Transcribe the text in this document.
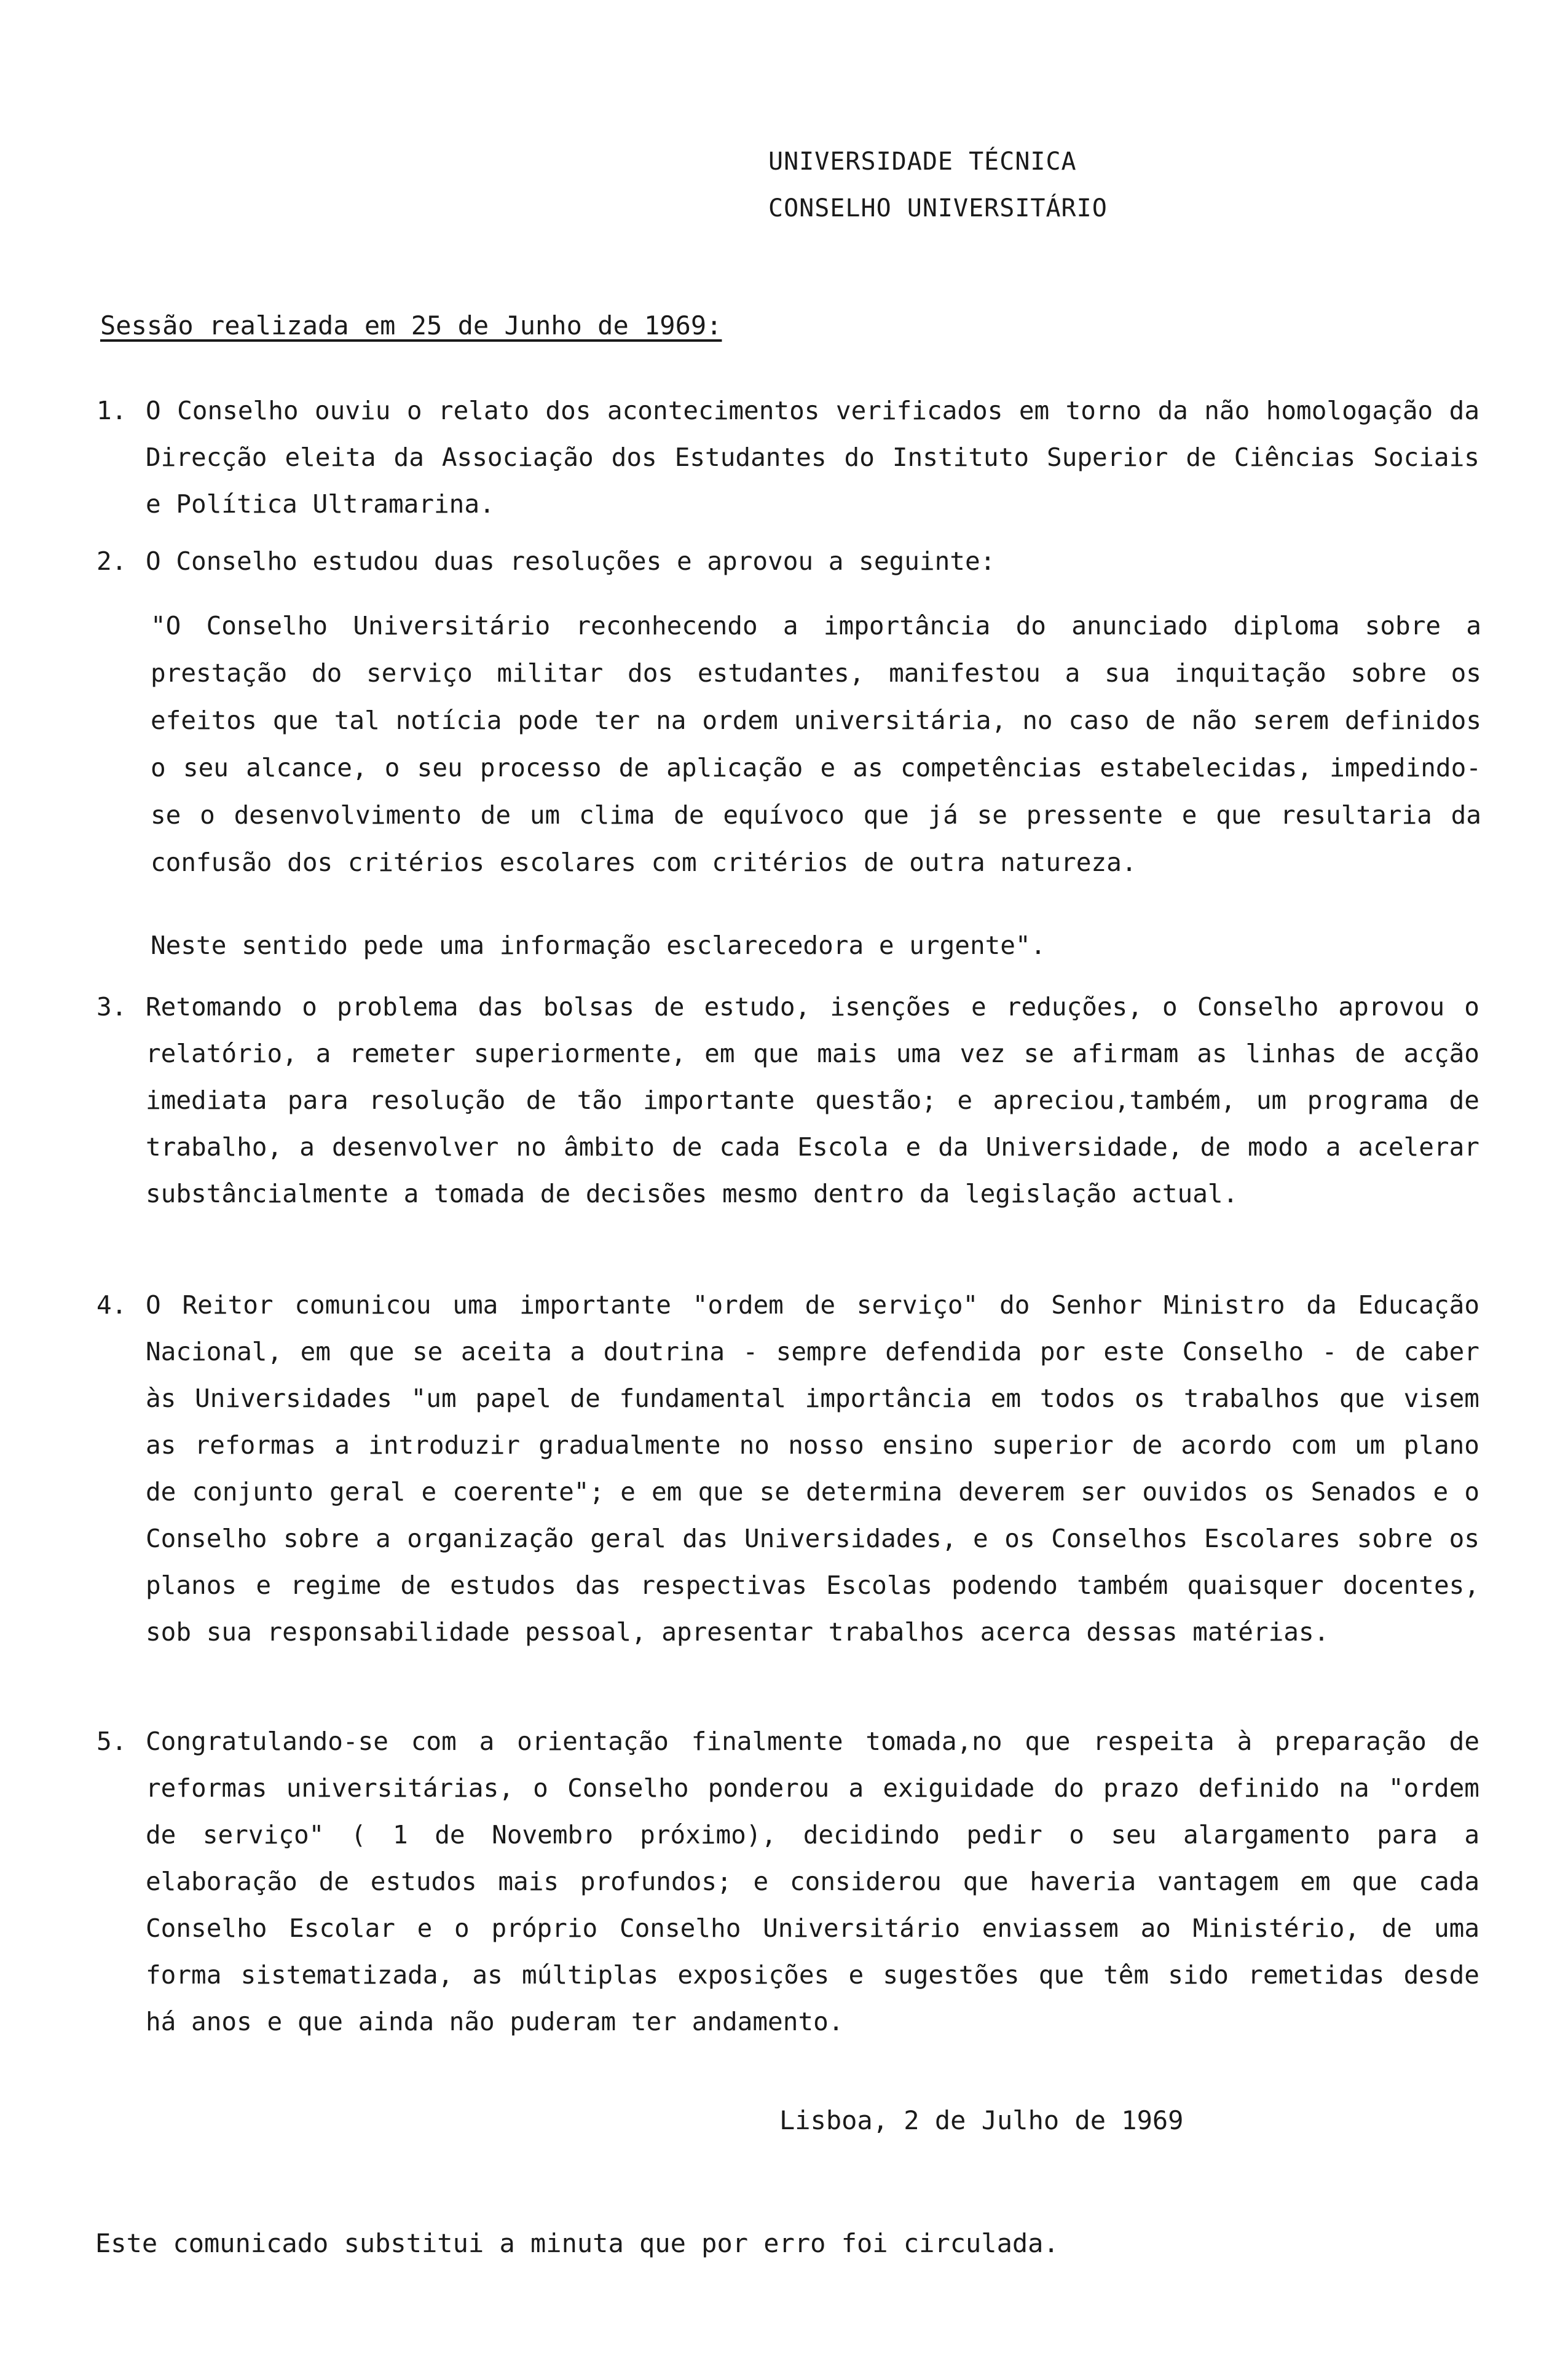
UNIVERSIDADE TÉCNICA
CONSELHO UNIVERSITÁRIO
Sessão realizada em 25 de Junho de 1969:
1. O Conselho ouviu o relato dos acontecimentos verificados em torno da não homologação da Direcção eleita da Associação dos Estudantes do Instituto Superior de Ciências Sociais e Política Ultramarina.
2. O Conselho estudou duas resoluções e aprovou a seguinte:
"O Conselho Universitário reconhecendo a importância do anunciado diploma sobre a prestação do serviço militar dos estudantes, manifestou a sua inquitação sobre os efeitos que tal notícia pode ter na ordem universitária, no caso de não serem definidos o seu alcance, o seu processo de aplicação e as competências estabelecidas, impedindo-se o desenvolvimento de um clima de equívoco que já se pressente e que resultaria da confusão dos critérios escolares com critérios de outra natureza.
Neste sentido pede uma informação esclarecedora e urgente".
3. Retomando o problema das bolsas de estudo, isenções e reduções, o Conselho aprovou o relatório, a remeter superiormente, em que mais uma vez se afirmam as linhas de acção imediata para resolução de tão importante questão; e apreciou,também, um programa de trabalho, a desenvolver no âmbito de cada Escola e da Universidade, de modo a acelerar substâncialmente a tomada de decisões mesmo dentro da legislação actual.
4. O Reitor comunicou uma importante "ordem de serviço" do Senhor Ministro da Educação Nacional, em que se aceita a doutrina - sempre defendida por este Conselho - de caber às Universidades "um papel de fundamental importância em todos os trabalhos que visem as reformas a introduzir gradualmente no nosso ensino superior de acordo com um plano de conjunto geral e coerente"; e em que se determina deverem ser ouvidos os Senados e o Conselho sobre a organização geral das Universidades, e os Conselhos Escolares sobre os planos e regime de estudos das respectivas Escolas podendo também quaisquer docentes, sob sua responsabilidade pessoal, apresentar trabalhos acerca dessas matérias.
5. Congratulando-se com a orientação finalmente tomada,no que respeita à preparação de reformas universitárias, o Conselho ponderou a exiguidade do prazo definido na "ordem de serviço" ( 1 de Novembro próximo), decidindo pedir o seu alargamento para a elaboração de estudos mais profundos; e considerou que haveria vantagem em que cada Conselho Escolar e o próprio Conselho Universitário enviassem ao Ministério, de uma forma sistematizada, as múltiplas exposições e sugestões que têm sido remetidas desde há anos e que ainda não puderam ter andamento.
Lisboa, 2 de Julho de 1969
Este comunicado substitui a minuta que por erro foi circulada.
